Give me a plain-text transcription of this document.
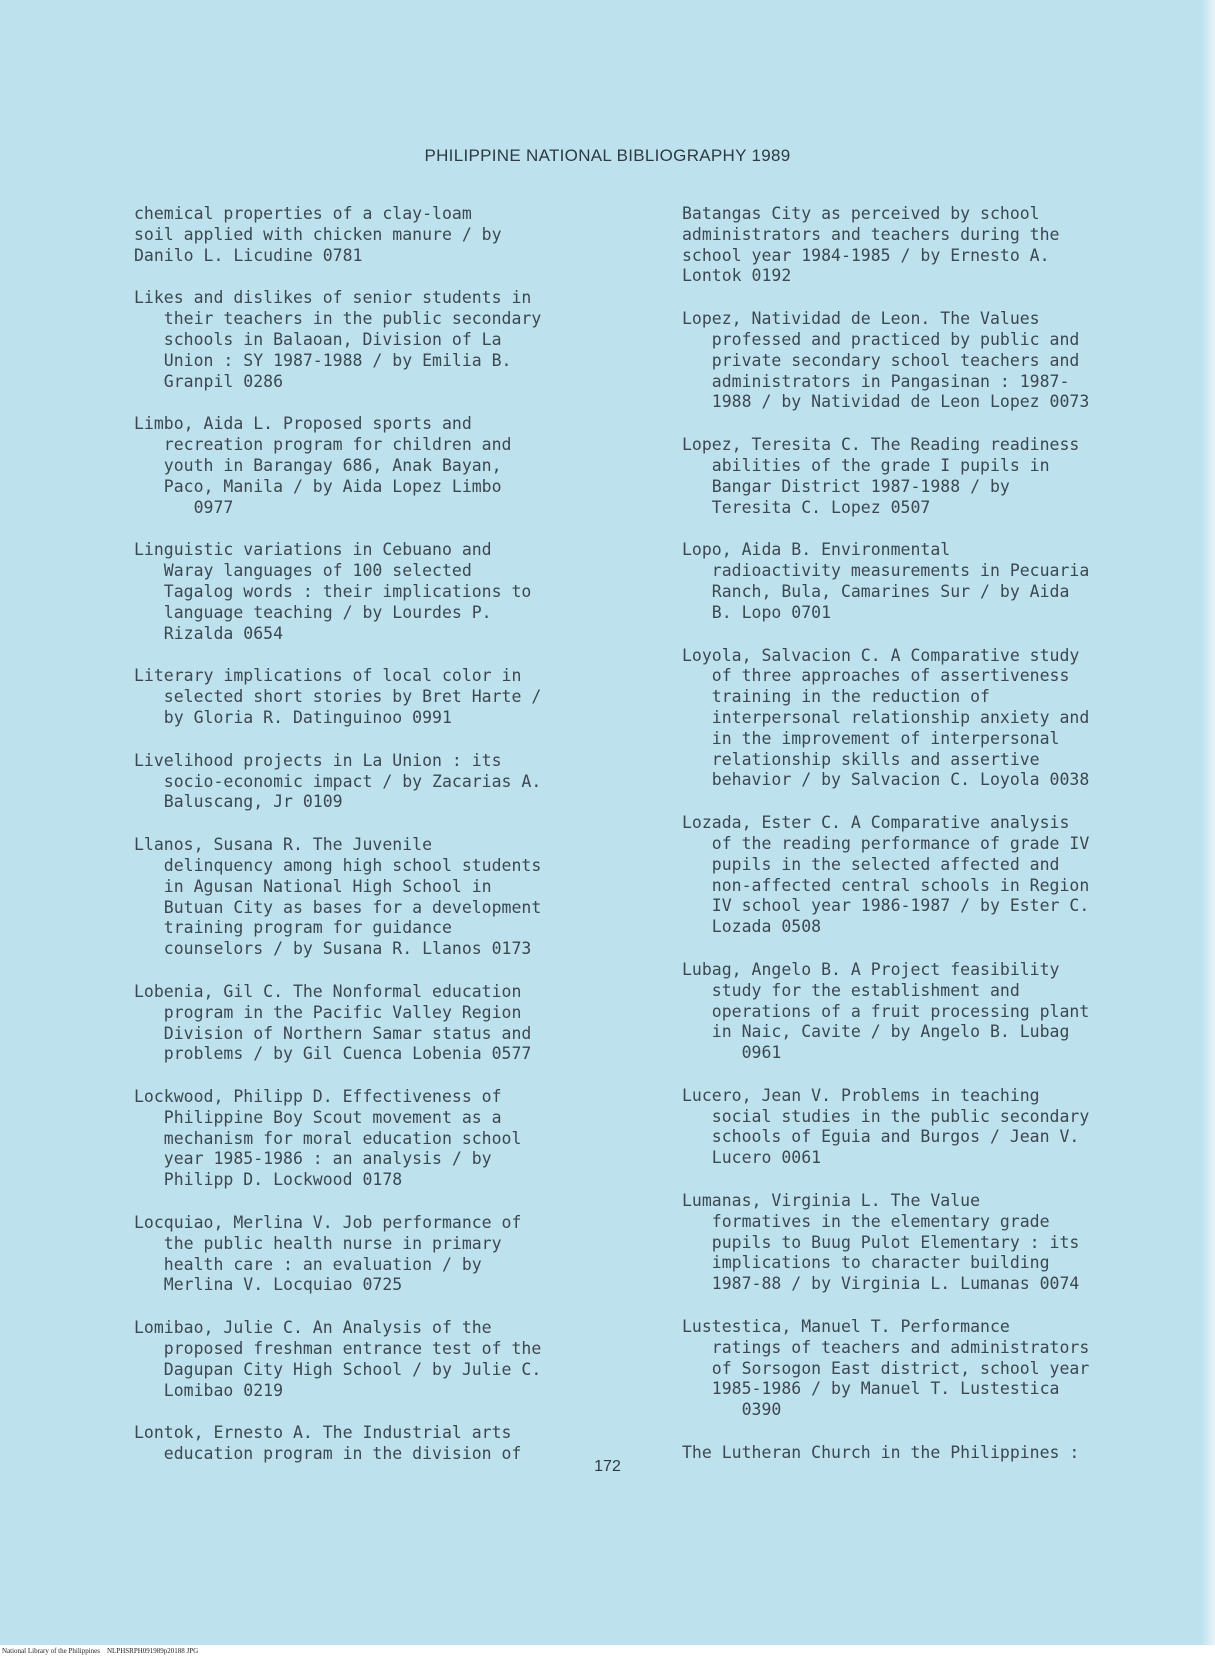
PHILIPPINE NATIONAL BIBLIOGRAPHY 1989
chemical properties of a clay-loam
soil applied with chicken manure / by
Danilo L. Licudine 0781
Likes and dislikes of senior students in
their teachers in the public secondary
schools in Balaoan, Division of La
Union : SY 1987-1988 / by Emilia B.
Granpil 0286
Limbo, Aida L. Proposed sports and
recreation program for children and
youth in Barangay 686, Anak Bayan,
Paco, Manila / by Aida Lopez Limbo
0977
Linguistic variations in Cebuano and
Waray languages of 100 selected
Tagalog words : their implications to
language teaching / by Lourdes P.
Rizalda 0654
Literary implications of local color in
selected short stories by Bret Harte /
by Gloria R. Datinguinoo 0991
Livelihood projects in La Union : its
socio-economic impact / by Zacarias A.
Baluscang, Jr 0109
Llanos, Susana R. The Juvenile
delinquency among high school students
in Agusan National High School in
Butuan City as bases for a development
training program for guidance
counselors / by Susana R. Llanos 0173
Lobenia, Gil C. The Nonformal education
program in the Pacific Valley Region
Division of Northern Samar status and
problems / by Gil Cuenca Lobenia 0577
Lockwood, Philipp D. Effectiveness of
Philippine Boy Scout movement as a
mechanism for moral education school
year 1985-1986 : an analysis / by
Philipp D. Lockwood 0178
Locquiao, Merlina V. Job performance of
the public health nurse in primary
health care : an evaluation / by
Merlina V. Locquiao 0725
Lomibao, Julie C. An Analysis of the
proposed freshman entrance test of the
Dagupan City High School / by Julie C.
Lomibao 0219
Lontok, Ernesto A. The Industrial arts
education program in the division of
Batangas City as perceived by school
administrators and teachers during the
school year 1984-1985 / by Ernesto A.
Lontok 0192
Lopez, Natividad de Leon. The Values
professed and practiced by public and
private secondary school teachers and
administrators in Pangasinan : 1987-
1988 / by Natividad de Leon Lopez 0073
Lopez, Teresita C. The Reading readiness
abilities of the grade I pupils in
Bangar District 1987-1988 / by
Teresita C. Lopez 0507
Lopo, Aida B. Environmental
radioactivity measurements in Pecuaria
Ranch, Bula, Camarines Sur / by Aida
B. Lopo 0701
Loyola, Salvacion C. A Comparative study
of three approaches of assertiveness
training in the reduction of
interpersonal relationship anxiety and
in the improvement of interpersonal
relationship skills and assertive
behavior / by Salvacion C. Loyola 0038
Lozada, Ester C. A Comparative analysis
of the reading performance of grade IV
pupils in the selected affected and
non-affected central schools in Region
IV school year 1986-1987 / by Ester C.
Lozada 0508
Lubag, Angelo B. A Project feasibility
study for the establishment and
operations of a fruit processing plant
in Naic, Cavite / by Angelo B. Lubag
0961
Lucero, Jean V. Problems in teaching
social studies in the public secondary
schools of Eguia and Burgos / Jean V.
Lucero 0061
Lumanas, Virginia L. The Value
formatives in the elementary grade
pupils to Buug Pulot Elementary : its
implications to character building
1987-88 / by Virginia L. Lumanas 0074
Lustestica, Manuel T. Performance
ratings of teachers and administrators
of Sorsogon East district, school year
1985-1986 / by Manuel T. Lustestica
0390
The Lutheran Church in the Philippines :
172
National Library of the Philippines    NLPHSRPH091989p20188 JPG
